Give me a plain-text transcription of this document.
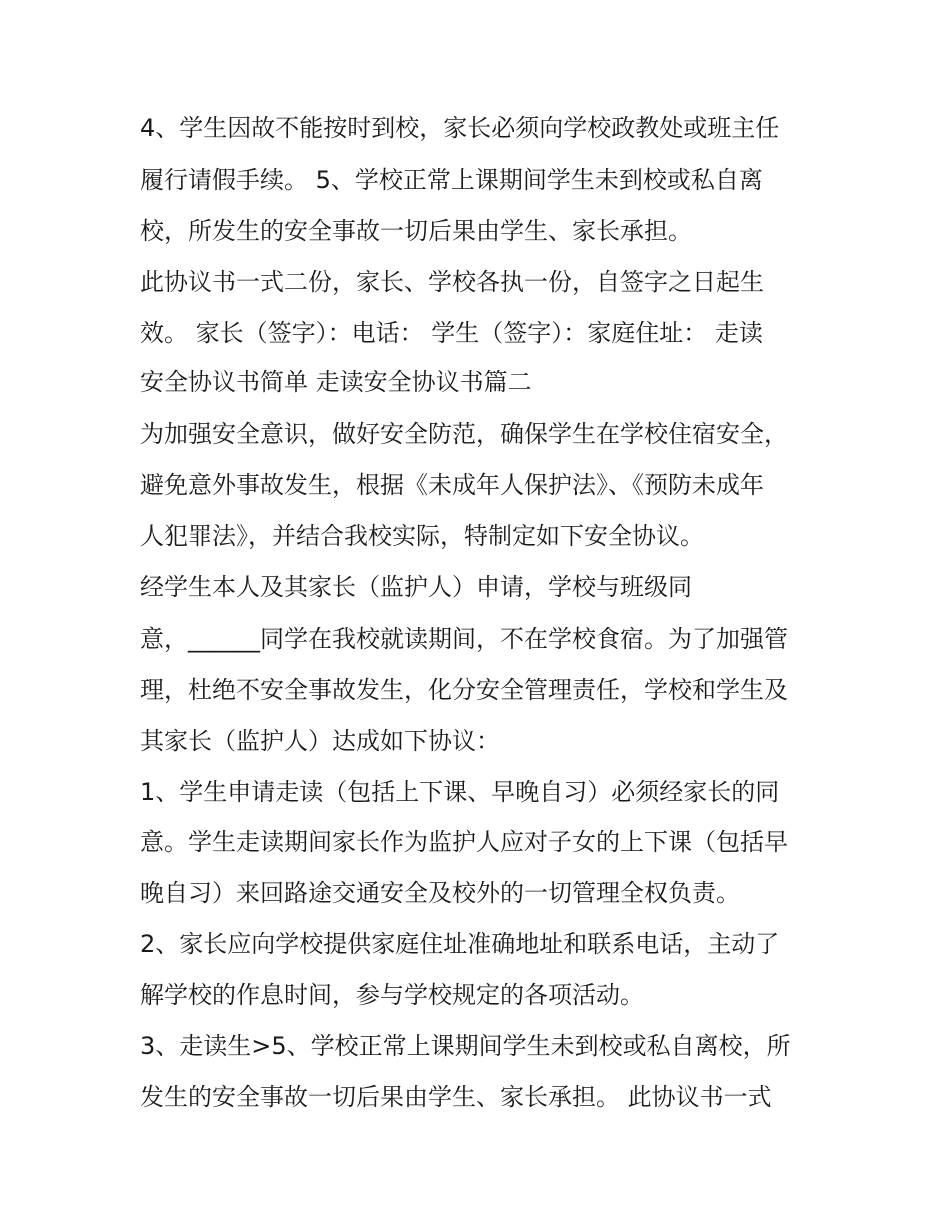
4、学生因故不能按时到校，家长必须向学校政教处或班主任
履行请假手续。 5、学校正常上课期间学生未到校或私自离
校，所发生的安全事故一切后果由学生、家长承担。
此协议书一式二份，家长、学校各执一份，自签字之日起生
效。 家长（签字）：电话： 学生（签字）：家庭住址： 走读
安全协议书简单 走读安全协议书篇二
为加强安全意识，做好安全防范，确保学生在学校住宿安全，
避免意外事故发生，根据《未成年人保护法》、《预防未成年
人犯罪法》，并结合我校实际，特制定如下安全协议。
经学生本人及其家长（监护人）申请，学校与班级同
意，______同学在我校就读期间，不在学校食宿。为了加强管
理，杜绝不安全事故发生，化分安全管理责任，学校和学生及
其家长（监护人）达成如下协议：
1、学生申请走读（包括上下课、早晚自习）必须经家长的同
意。学生走读期间家长作为监护人应对子女的上下课（包括早
晚自习）来回路途交通安全及校外的一切管理全权负责。
2、家长应向学校提供家庭住址准确地址和联系电话，主动了
解学校的作息时间，参与学校规定的各项活动。
3、走读生>5、学校正常上课期间学生未到校或私自离校，所
发生的安全事故一切后果由学生、家长承担。 此协议书一式
